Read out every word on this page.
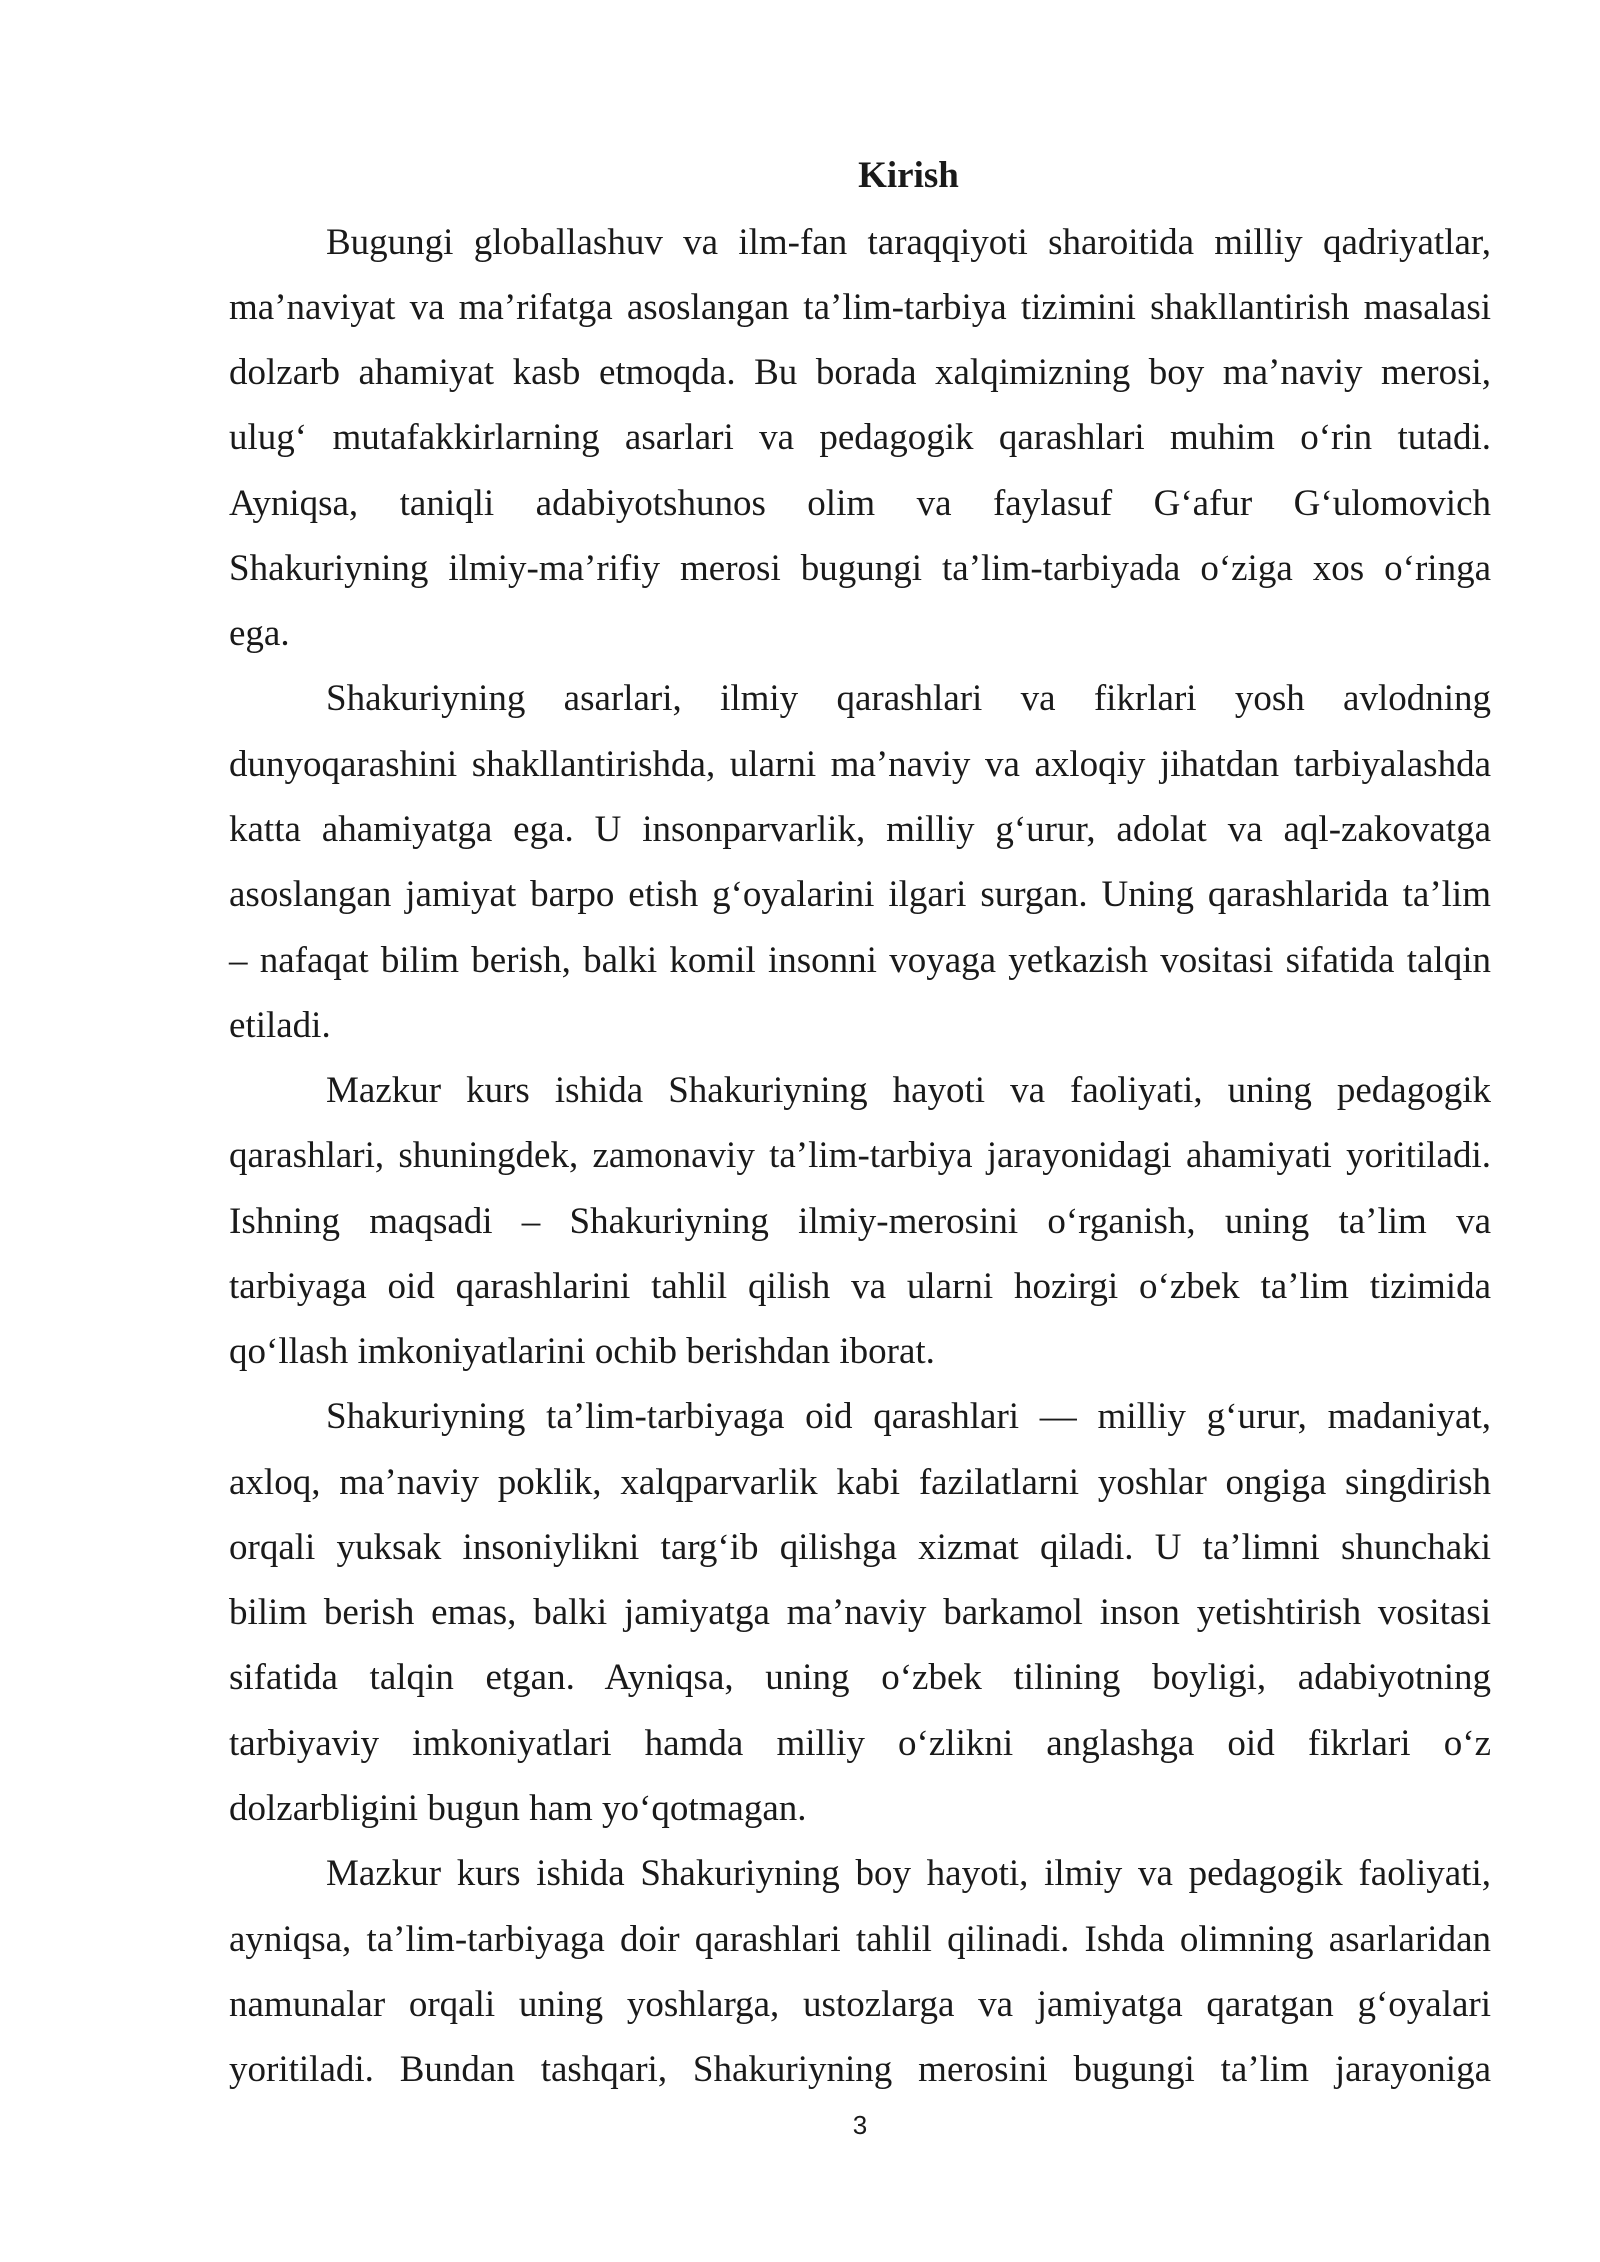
Kirish
Bugungi globallashuv va ilm-fan taraqqiyoti sharoitida milliy qadriyatlar,
ma’naviyat va ma’rifatga asoslangan ta’lim-tarbiya tizimini shakllantirish masalasi
dolzarb ahamiyat kasb etmoqda. Bu borada xalqimizning boy ma’naviy merosi,
ulug‘ mutafakkirlarning asarlari va pedagogik qarashlari muhim o‘rin tutadi.
Ayniqsa, taniqli adabiyotshunos olim va faylasuf G‘afur G‘ulomovich
Shakuriyning ilmiy-ma’rifiy merosi bugungi ta’lim-tarbiyada o‘ziga xos o‘ringa
ega.
Shakuriyning asarlari, ilmiy qarashlari va fikrlari yosh avlodning
dunyoqarashini shakllantirishda, ularni ma’naviy va axloqiy jihatdan tarbiyalashda
katta ahamiyatga ega. U insonparvarlik, milliy g‘urur, adolat va aql-zakovatga
asoslangan jamiyat barpo etish g‘oyalarini ilgari surgan. Uning qarashlarida ta’lim
– nafaqat bilim berish, balki komil insonni voyaga yetkazish vositasi sifatida talqin
etiladi.
Mazkur kurs ishida Shakuriyning hayoti va faoliyati, uning pedagogik
qarashlari, shuningdek, zamonaviy ta’lim-tarbiya jarayonidagi ahamiyati yoritiladi.
Ishning maqsadi – Shakuriyning ilmiy-merosini o‘rganish, uning ta’lim va
tarbiyaga oid qarashlarini tahlil qilish va ularni hozirgi o‘zbek ta’lim tizimida
qo‘llash imkoniyatlarini ochib berishdan iborat.
Shakuriyning ta’lim-tarbiyaga oid qarashlari — milliy g‘urur, madaniyat,
axloq, ma’naviy poklik, xalqparvarlik kabi fazilatlarni yoshlar ongiga singdirish
orqali yuksak insoniylikni targ‘ib qilishga xizmat qiladi. U ta’limni shunchaki
bilim berish emas, balki jamiyatga ma’naviy barkamol inson yetishtirish vositasi
sifatida talqin etgan. Ayniqsa, uning o‘zbek tilining boyligi, adabiyotning
tarbiyaviy imkoniyatlari hamda milliy o‘zlikni anglashga oid fikrlari o‘z
dolzarbligini bugun ham yo‘qotmagan.
Mazkur kurs ishida Shakuriyning boy hayoti, ilmiy va pedagogik faoliyati,
ayniqsa, ta’lim-tarbiyaga doir qarashlari tahlil qilinadi. Ishda olimning asarlaridan
namunalar orqali uning yoshlarga, ustozlarga va jamiyatga qaratgan g‘oyalari
yoritiladi. Bundan tashqari, Shakuriyning merosini bugungi ta’lim jarayoniga
3
